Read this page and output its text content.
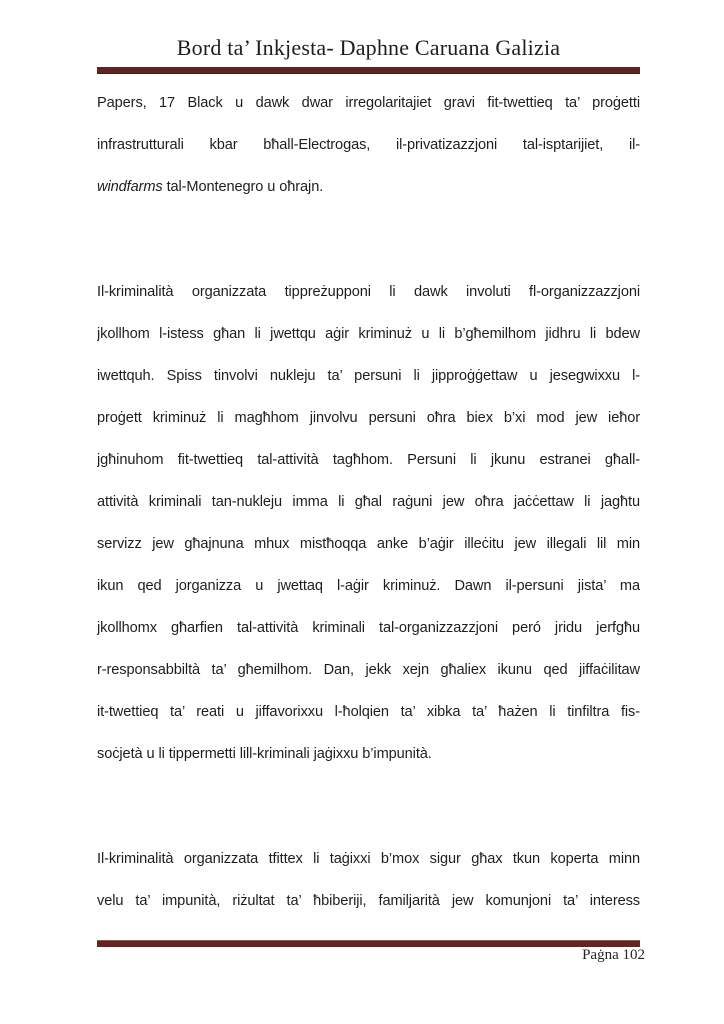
Bord ta’ Inkjesta- Daphne Caruana Galizia
Papers, 17 Black u dawk dwar irregolaritajiet gravi fit-twettieq ta’ proġetti
infrastrutturali kbar bħall-Electrogas, il-privatizazzjoni tal-isptarijiet, il-
windfarms tal-Montenegro u oħrajn.
Il-kriminalità organizzata tippreżupponi li dawk involuti fl-organizzazzjoni
jkollhom l-istess għan li jwettqu aġir kriminuż u li b’għemilhom jidhru li bdew
iwettquh. Spiss tinvolvi nukleju ta’ persuni li jipproġġettaw u jesegwixxu l-
proġett kriminuż li magħhom jinvolvu persuni oħra biex b’xi mod jew ieħor
jgħinuhom fit-twettieq tal-attività tagħhom. Persuni li jkunu estranei għall-
attività kriminali tan-nukleju imma li għal raġuni jew oħra jaċċettaw li jagħtu
servizz jew għajnuna mhux mistħoqqa anke b’aġir illeċitu jew illegali lil min
ikun qed jorganizza u jwettaq l-aġir kriminuż. Dawn il-persuni jista’ ma
jkollhomx għarfien tal-attività kriminali tal-organizzazzjoni peró jridu jerfgħu
r-responsabbiltà ta’ għemilhom. Dan, jekk xejn għaliex ikunu qed jiffaċilitaw
it-twettieq ta’ reati u jiffavorixxu l-ħolqien ta’ xibka ta’ ħażen li tinfiltra fis-
soċjetà u li tippermetti lill-kriminali jaġixxu b’impunità.
Il-kriminalità organizzata tfittex li taġixxi b’mox sigur għax tkun koperta minn
velu ta’ impunità, riżultat ta’ ħbiberiji, familjarità jew komunjoni ta’ interess
Paġna 102
